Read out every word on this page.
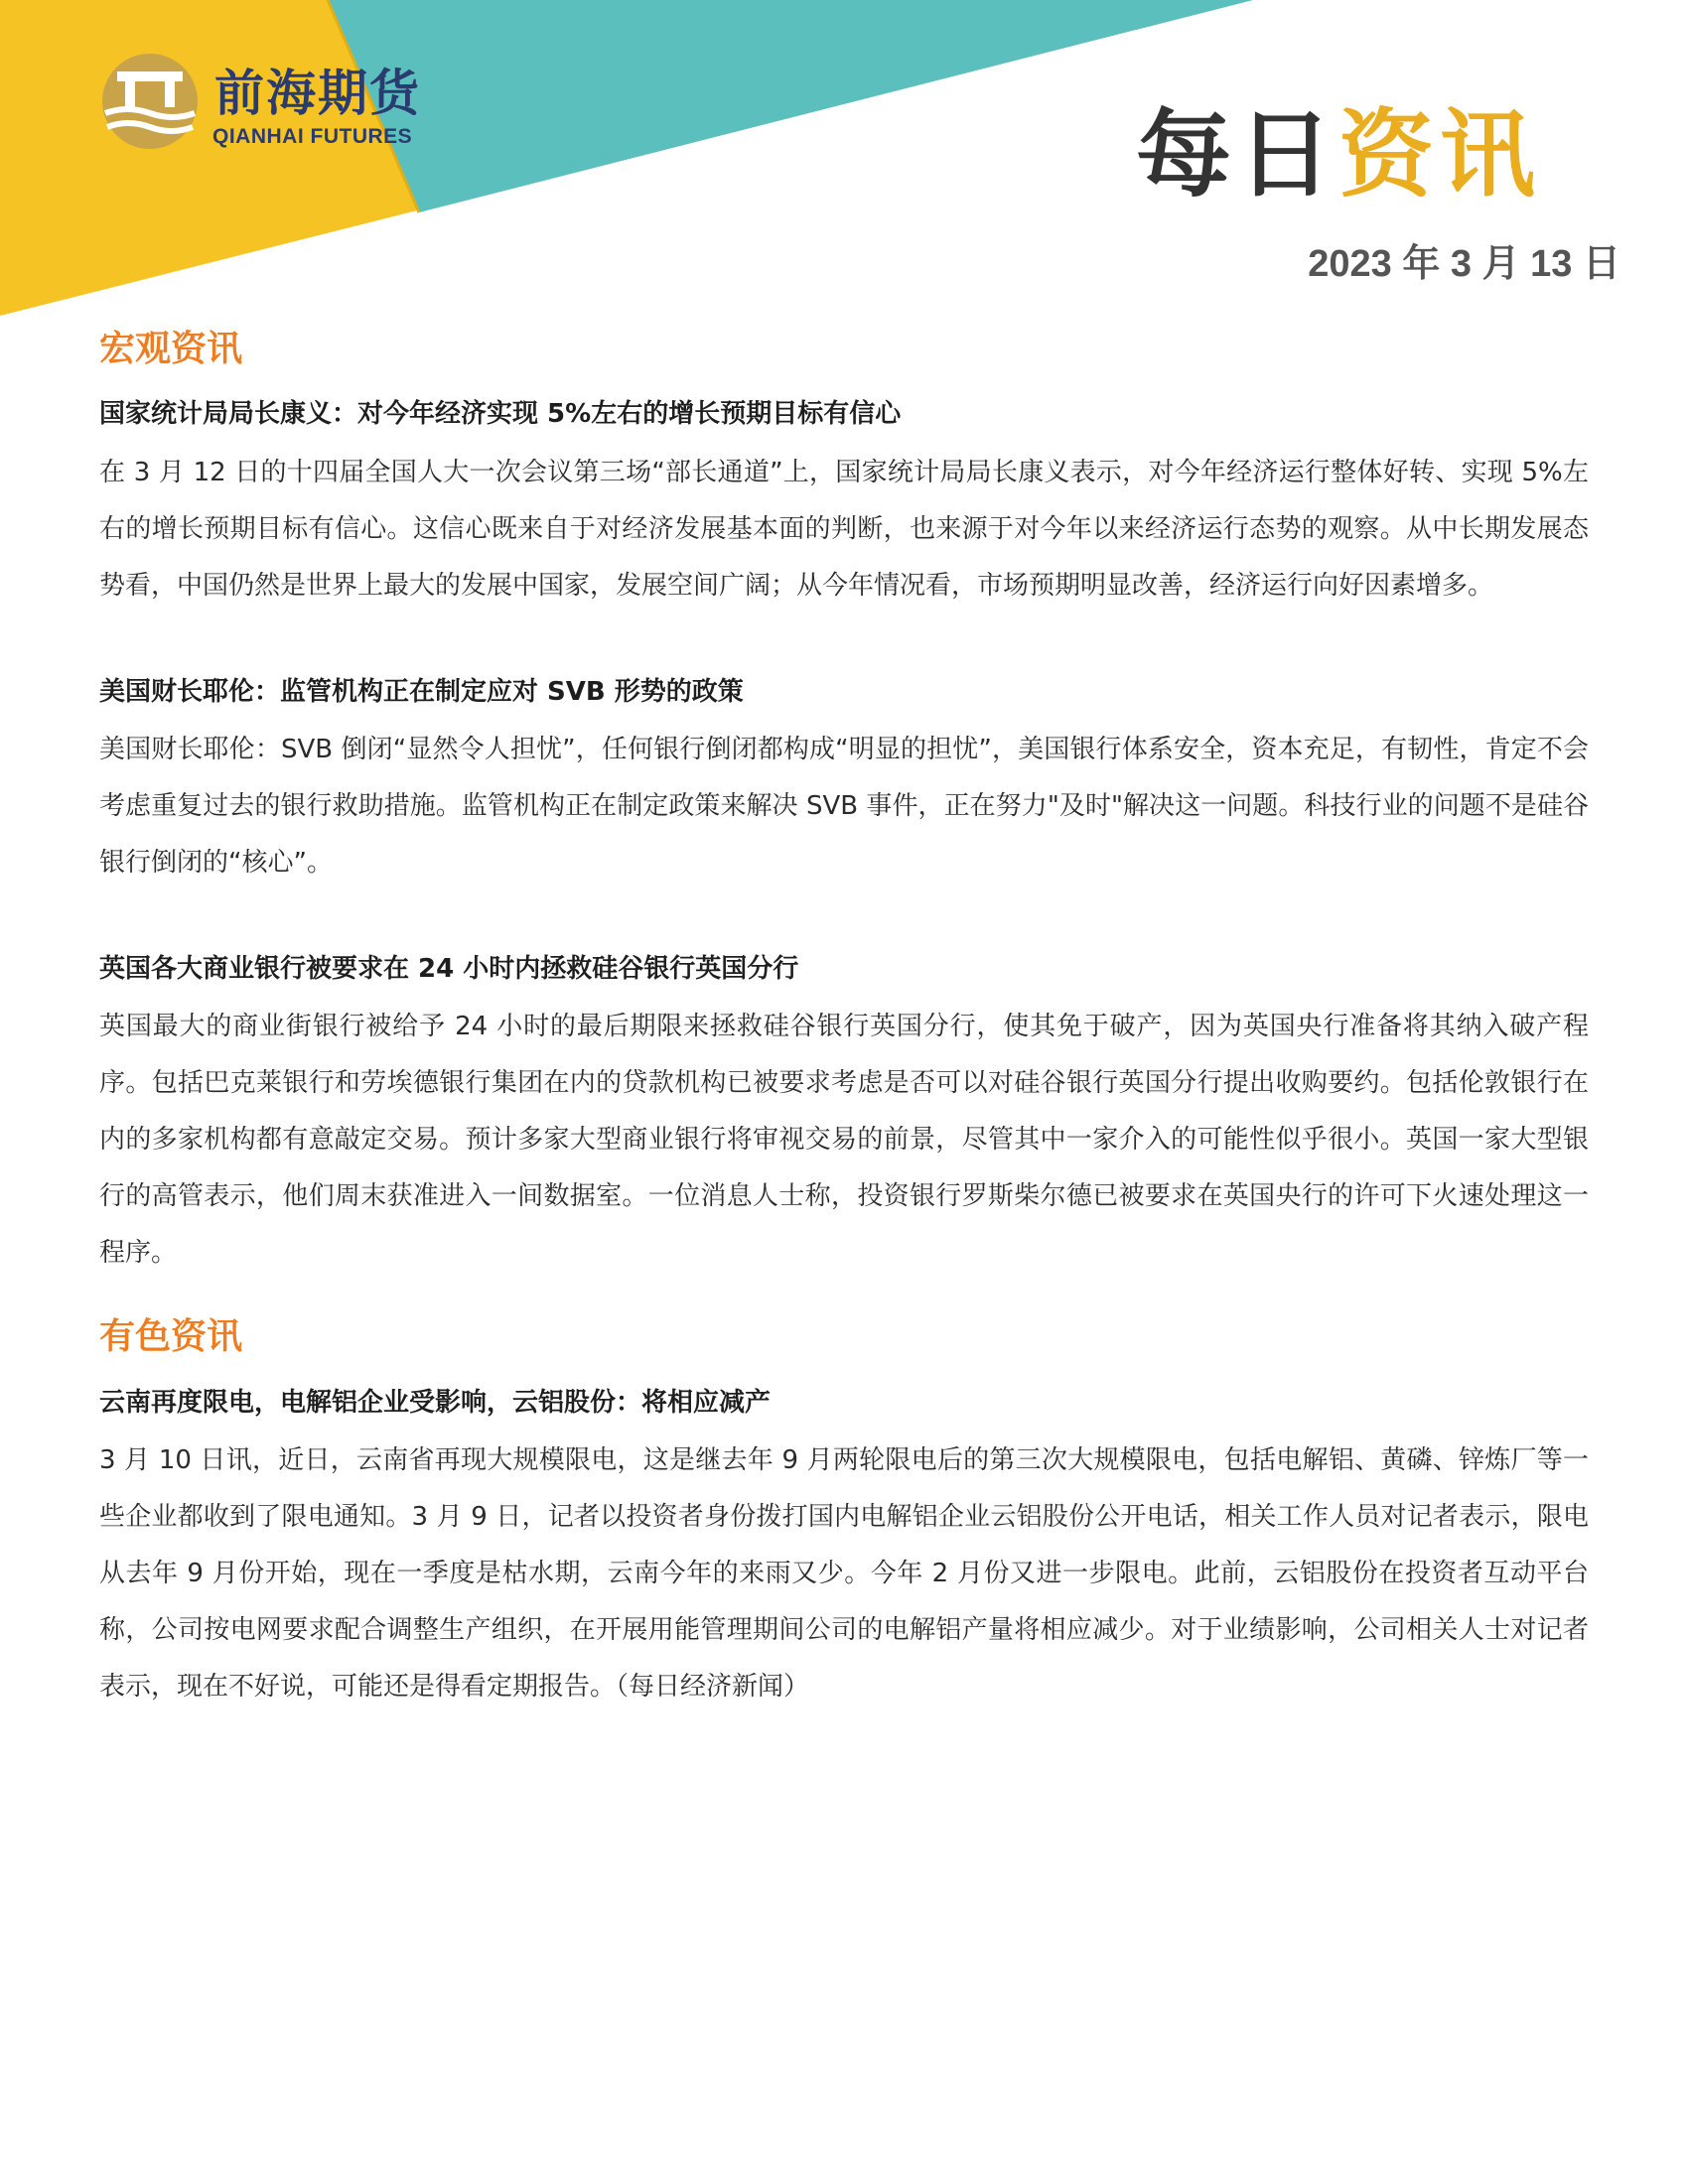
前海期货
QIANHAI FUTURES	每日资讯
2023 年 3 月 13 日
宏观资讯
国家统计局局长康义：对今年经济实现 5%左右的增长预期目标有信心

在 3 月 12 日的十四届全国人大一次会议第三场“部长通道”上，国家统计局局长康义表示，对今年经济运行整体好转、实现 5%左右的增长预期目标有信心。这信心既来自于对经济发展基本面的判断，也来源于对今年以来经济运行态势的观察。从中长期发展态势看，中国仍然是世界上最大的发展中国家，发展空间广阔；从今年情况看，市场预期明显改善，经济运行向好因素增多。

美国财长耶伦：监管机构正在制定应对 SVB 形势的政策

美国财长耶伦：SVB 倒闭“显然令人担忧”，任何银行倒闭都构成“明显的担忧”，美国银行体系安全，资本充足，有韧性，肯定不会考虑重复过去的银行救助措施。监管机构正在制定政策来解决 SVB 事件，正在努力"及时"解决这一问题。科技行业的问题不是硅谷银行倒闭的“核心”。

英国各大商业银行被要求在 24 小时内拯救硅谷银行英国分行

英国最大的商业街银行被给予 24 小时的最后期限来拯救硅谷银行英国分行，使其免于破产，因为英国央行准备将其纳入破产程序。包括巴克莱银行和劳埃德银行集团在内的贷款机构已被要求考虑是否可以对硅谷银行英国分行提出收购要约。包括伦敦银行在内的多家机构都有意敲定交易。预计多家大型商业银行将审视交易的前景，尽管其中一家介入的可能性似乎很小。英国一家大型银行的高管表示，他们周末获准进入一间数据室。一位消息人士称，投资银行罗斯柴尔德已被要求在英国央行的许可下火速处理这一程序。

有色资讯
云南再度限电，电解铝企业受影响，云铝股份：将相应减产

3 月 10 日讯，近日，云南省再现大规模限电，这是继去年 9 月两轮限电后的第三次大规模限电，包括电解铝、黄磷、锌炼厂等一些企业都收到了限电通知。3 月 9 日，记者以投资者身份拨打国内电解铝企业云铝股份公开电话，相关工作人员对记者表示，限电从去年 9 月份开始，现在一季度是枯水期，云南今年的来雨又少。今年 2 月份又进一步限电。此前，云铝股份在投资者互动平台称，公司按电网要求配合调整生产组织，在开展用能管理期间公司的电解铝产量将相应减少。对于业绩影响，公司相关人士对记者表示，现在不好说，可能还是得看定期报告。（每日经济新闻）
